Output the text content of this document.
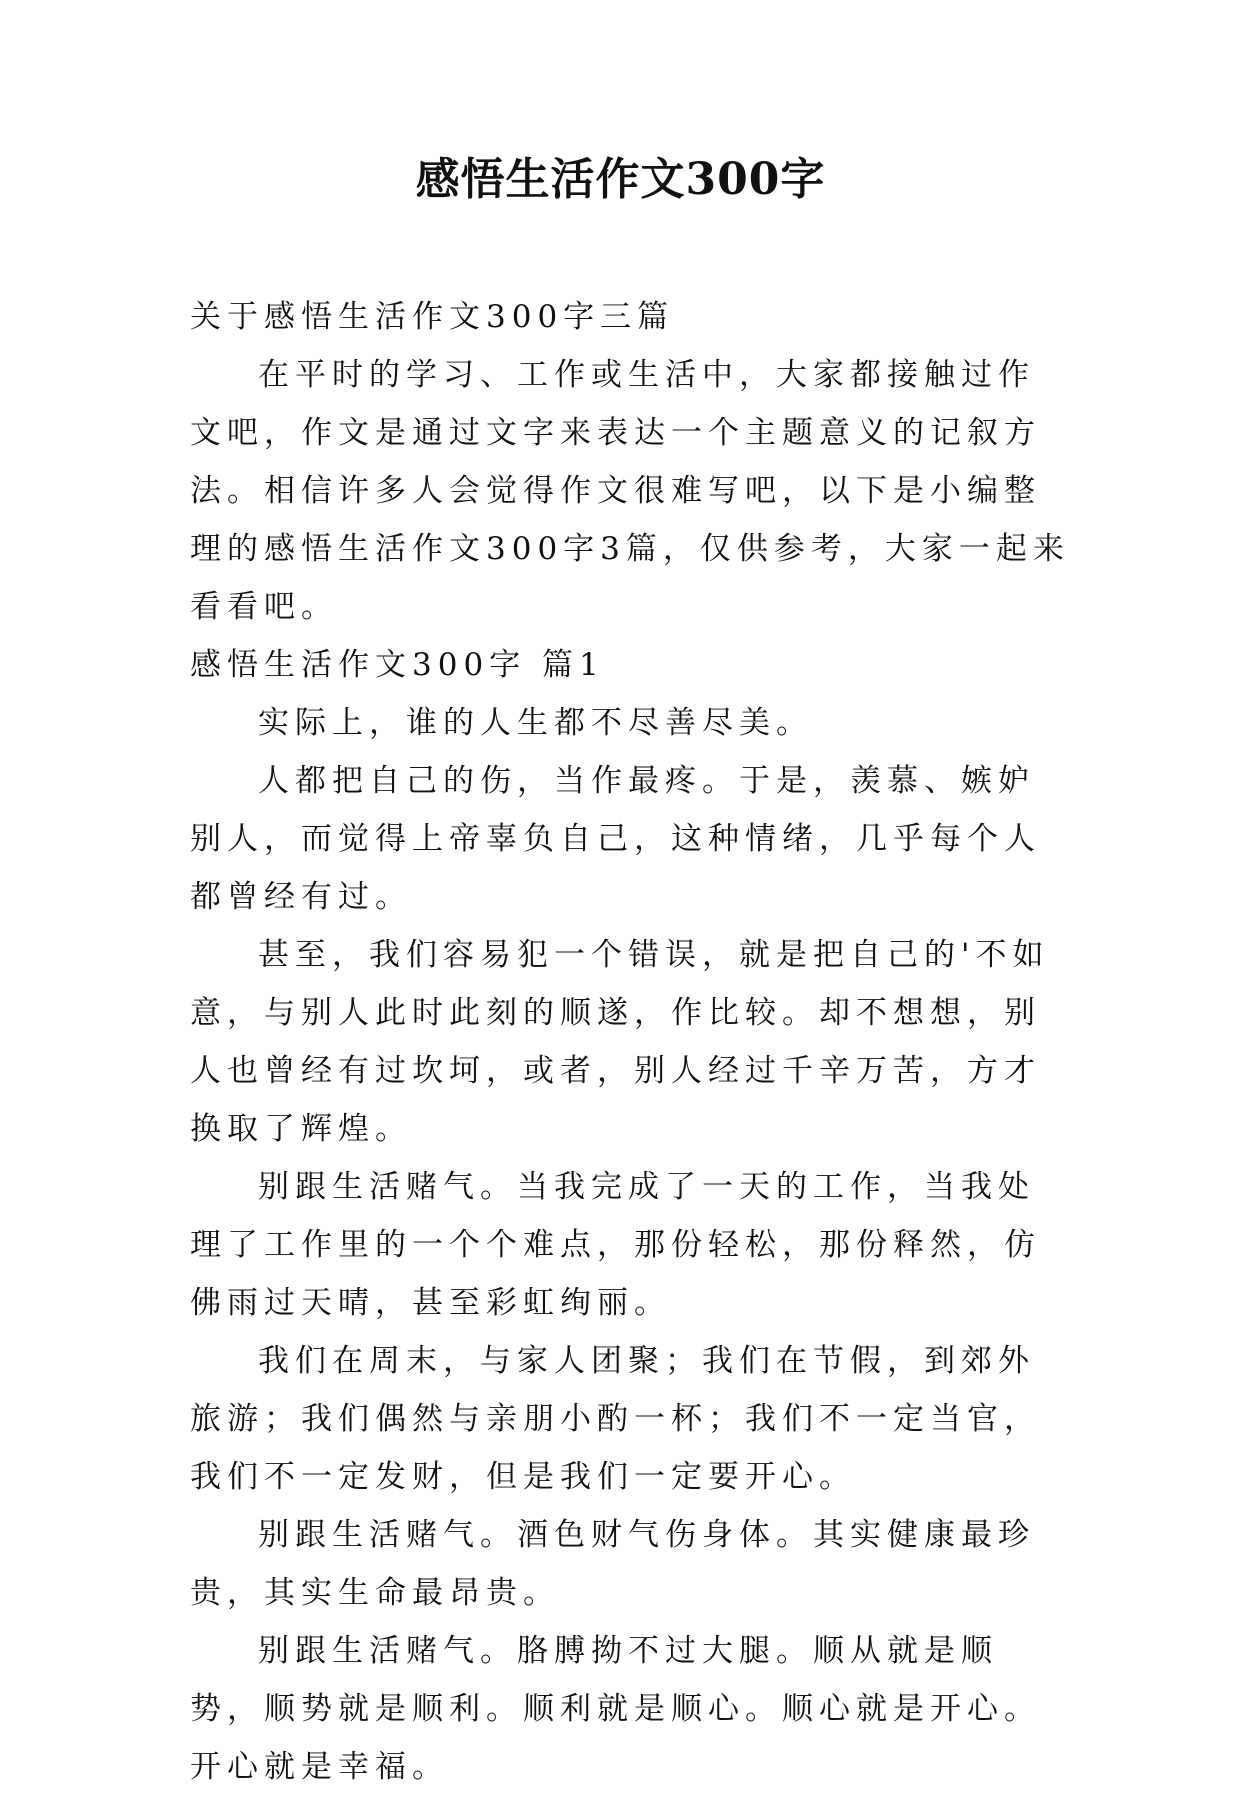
感悟生活作文300字

关于感悟生活作文300字三篇

在平时的学习、工作或生活中，大家都接触过作文吧，作文是通过文字来表达一个主题意义的记叙方法。相信许多人会觉得作文很难写吧，以下是小编整理的感悟生活作文300字3篇，仅供参考，大家一起来看看吧。

感悟生活作文300字 篇1

实际上，谁的人生都不尽善尽美。

人都把自己的伤，当作最疼。于是，羡慕、嫉妒别人，而觉得上帝辜负自己，这种情绪，几乎每个人都曾经有过。

甚至，我们容易犯一个错误，就是把自己的'不如意，与别人此时此刻的顺遂，作比较。却不想想，别人也曾经有过坎坷，或者，别人经过千辛万苦，方才换取了辉煌。

别跟生活赌气。当我完成了一天的工作，当我处理了工作里的一个个难点，那份轻松，那份释然，仿佛雨过天晴，甚至彩虹绚丽。

我们在周末，与家人团聚；我们在节假，到郊外旅游；我们偶然与亲朋小酌一杯；我们不一定当官，我们不一定发财，但是我们一定要开心。

别跟生活赌气。酒色财气伤身体。其实健康最珍贵，其实生命最昂贵。

别跟生活赌气。胳膊拗不过大腿。顺从就是顺势，顺势就是顺利。顺利就是顺心。顺心就是开心。开心就是幸福。
